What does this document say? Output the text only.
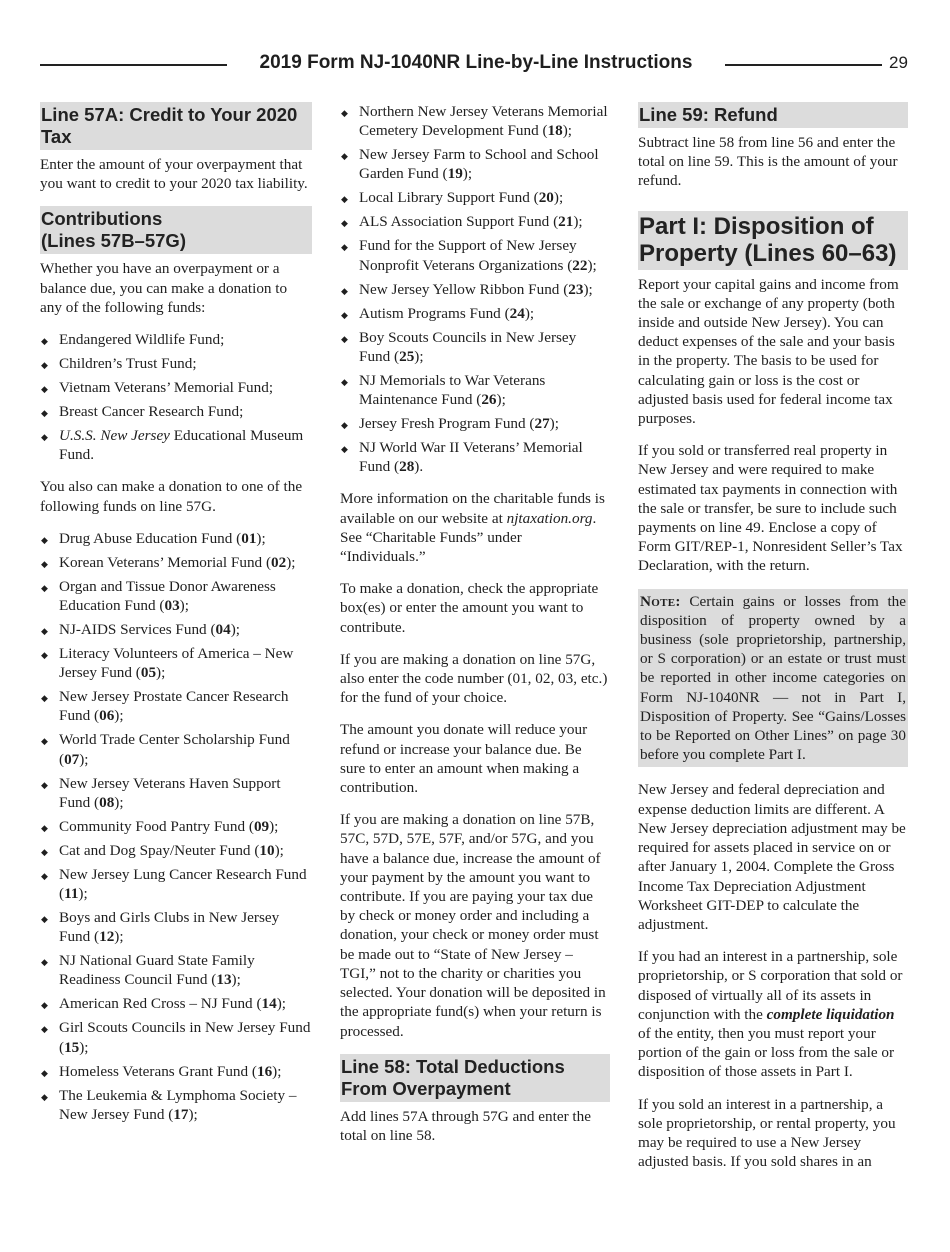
2019 Form NJ-1040NR Line-by-Line Instructions	29
Line 57A: Credit to Your 2020 Tax

Enter the amount of your overpayment that you want to credit to your 2020 tax liability.

Contributions
(Lines 57B–57G)

Whether you have an overpayment or a balance due, you can make a donation to any of the following funds:

◆ Endangered Wildlife Fund;
◆ Children’s Trust Fund;
◆ Vietnam Veterans’ Memorial Fund;
◆ Breast Cancer Research Fund;
◆ U.S.S. New Jersey Educational Museum Fund.

You also can make a donation to one of the following funds on line 57G.

◆ Drug Abuse Education Fund (01);
◆ Korean Veterans’ Memorial Fund (02);
◆ Organ and Tissue Donor Awareness Education Fund (03);
◆ NJ-AIDS Services Fund (04);
◆ Literacy Volunteers of America – New Jersey Fund (05);
◆ New Jersey Prostate Cancer Research Fund (06);
◆ World Trade Center Scholarship Fund (07);
◆ New Jersey Veterans Haven Support Fund (08);
◆ Community Food Pantry Fund (09);
◆ Cat and Dog Spay/Neuter Fund (10);
◆ New Jersey Lung Cancer Research Fund (11);
◆ Boys and Girls Clubs in New Jersey Fund (12);
◆ NJ National Guard State Family Readiness Council Fund (13);
◆ American Red Cross – NJ Fund (14);
◆ Girl Scouts Councils in New Jersey Fund (15);
◆ Homeless Veterans Grant Fund (16);
◆ The Leukemia & Lymphoma Society – New Jersey Fund (17);
◆ Northern New Jersey Veterans Memorial Cemetery Development Fund (18);
◆ New Jersey Farm to School and School Garden Fund (19);
◆ Local Library Support Fund (20);
◆ ALS Association Support Fund (21);
◆ Fund for the Support of New Jersey Nonprofit Veterans Organizations (22);
◆ New Jersey Yellow Ribbon Fund (23);
◆ Autism Programs Fund (24);
◆ Boy Scouts Councils in New Jersey Fund (25);
◆ NJ Memorials to War Veterans Maintenance Fund (26);
◆ Jersey Fresh Program Fund (27);
◆ NJ World War II Veterans’ Memorial Fund (28).

More information on the charitable funds is available on our website at njtaxation.org. See “Charitable Funds” under “Individuals.”

To make a donation, check the appropriate box(es) or enter the amount you want to contribute.

If you are making a donation on line 57G, also enter the code number (01, 02, 03, etc.) for the fund of your choice.

The amount you donate will reduce your refund or increase your balance due. Be sure to enter an amount when making a contribution.

If you are making a donation on line 57B, 57C, 57D, 57E, 57F, and/or 57G, and you have a balance due, increase the amount of your payment by the amount you want to contribute. If you are paying your tax due by check or money order and including a donation, your check or money order must be made out to “State of New Jersey – TGI,” not to the charity or charities you selected. Your donation will be deposited in the appropriate fund(s) when your return is processed.

Line 58: Total Deductions From Overpayment

Add lines 57A through 57G and enter the total on line 58.

Line 59: Refund

Subtract line 58 from line 56 and enter the total on line 59. This is the amount of your refund.

Part I: Disposition of Property (Lines 60–63)

Report your capital gains and income from the sale or exchange of any property (both inside and outside New Jersey). You can deduct expenses of the sale and your basis in the property. The basis to be used for calculating gain or loss is the cost or adjusted basis used for federal income tax purposes.

If you sold or transferred real property in New Jersey and were required to make estimated tax payments in connection with the sale or transfer, be sure to include such payments on line 49. Enclose a copy of Form GIT/REP-1, Nonresident Seller’s Tax Declaration, with the return.

Note: Certain gains or losses from the disposition of property owned by a business (sole proprietorship, partnership, or S corporation) or an estate or trust must be reported in other income categories on Form NJ-1040NR — not in Part I, Disposition of Property. See “Gains/Losses to be Reported on Other Lines” on page 30 before you complete Part I.

New Jersey and federal depreciation and expense deduction limits are different. A New Jersey depreciation adjustment may be required for assets placed in service on or after January 1, 2004. Complete the Gross Income Tax Depreciation Adjustment Worksheet GIT-DEP to calculate the adjustment.

If you had an interest in a partnership, sole proprietorship, or S corporation that sold or disposed of virtually all of its assets in conjunction with the complete liquidation of the entity, then you must report your portion of the gain or loss from the sale or disposition of those assets in Part I.

If you sold an interest in a partnership, a sole proprietorship, or rental property, you may be required to use a New Jersey adjusted basis. If you sold shares in an
